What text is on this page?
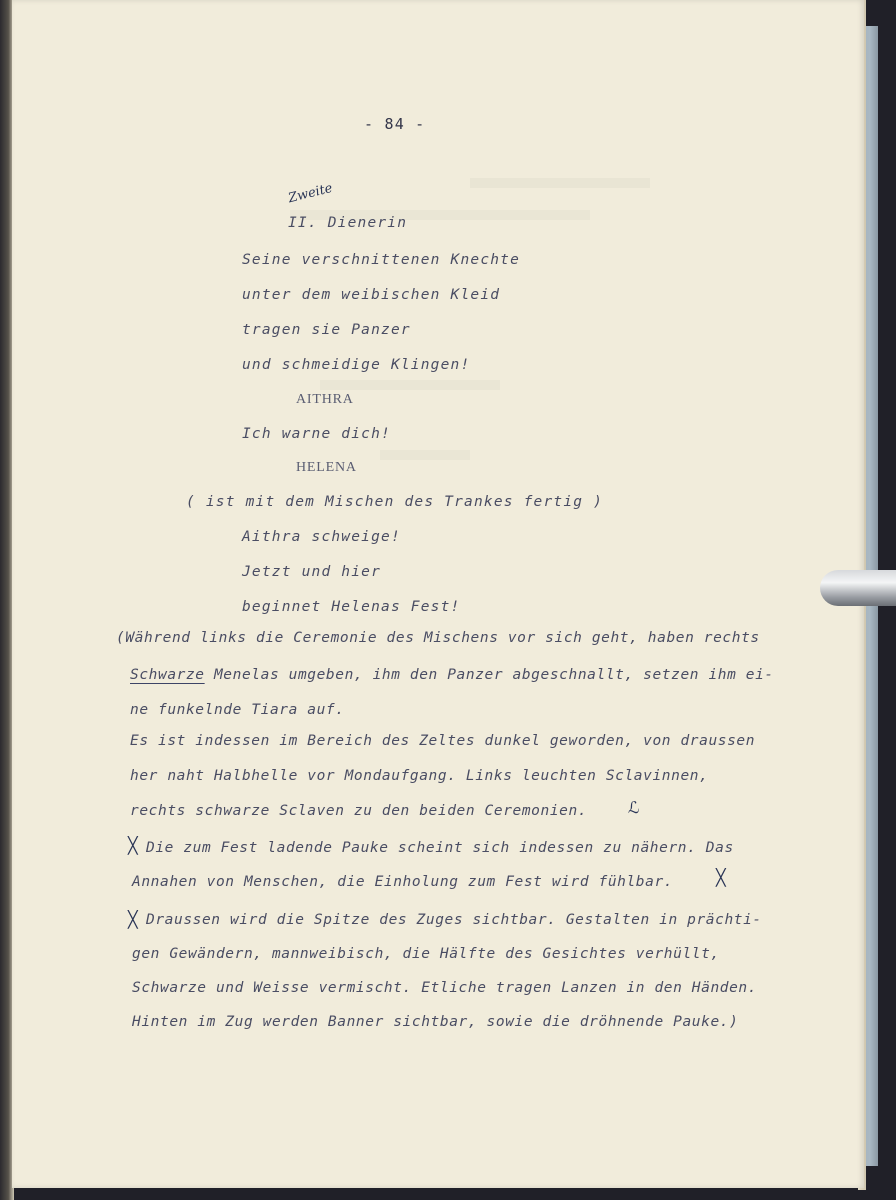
- 84 -
Zweite
II. Dienerin
Seine verschnittenen Knechte
unter dem weibischen Kleid
tragen sie Panzer
und schmeidige Klingen!
AITHRA
Ich warne dich!
HELENA
( ist mit dem Mischen des Trankes fertig )
Aithra schweige!
Jetzt und hier
beginnet Helenas Fest!
(Während links die Ceremonie des Mischens vor sich geht, haben rechts
Schwarze Menelas umgeben, ihm den Panzer abgeschnallt, setzen ihm ei-
ne funkelnde Tiara auf.
Es ist indessen im Bereich des Zeltes dunkel geworden, von draussen
her naht Halbhelle vor Mondaufgang. Links leuchten Sclavinnen,
rechts schwarze Sclaven zu den beiden Ceremonien.	ℒ
╳ Die zum Fest ladende Pauke scheint sich indessen zu nähern. Das
Annahen von Menschen, die Einholung zum Fest wird fühlbar.	╳
╳ Draussen wird die Spitze des Zuges sichtbar. Gestalten in prächti-
gen Gewändern, mannweibisch, die Hälfte des Gesichtes verhüllt,
Schwarze und Weisse vermischt. Etliche tragen Lanzen in den Händen.
Hinten im Zug werden Banner sichtbar, sowie die dröhnende Pauke.)
